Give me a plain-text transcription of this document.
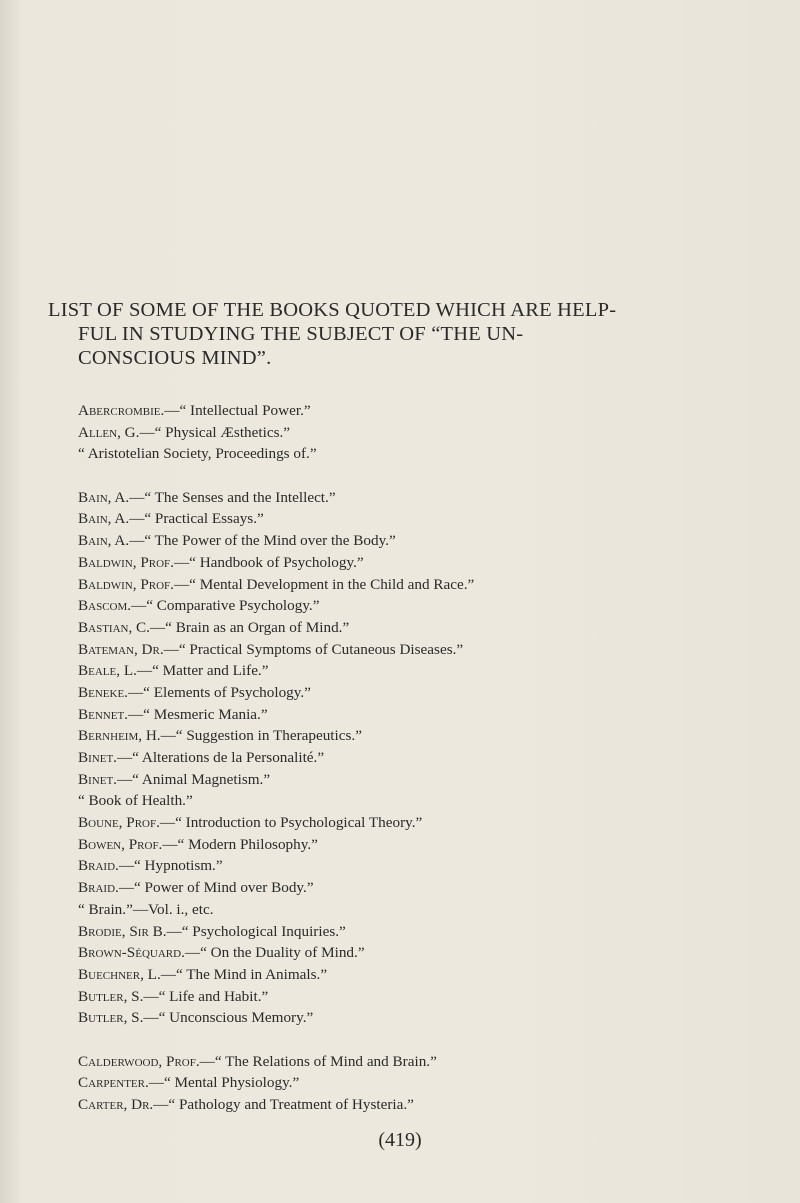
LIST OF SOME OF THE BOOKS QUOTED WHICH ARE HELP-
FUL IN STUDYING THE SUBJECT OF “THE UN-
CONSCIOUS MIND”.
Abercrombie.—“ Intellectual Power.”
Allen, G.—“ Physical Æsthetics.”
“ Aristotelian Society, Proceedings of.”
Bain, A.—“ The Senses and the Intellect.”
Bain, A.—“ Practical Essays.”
Bain, A.—“ The Power of the Mind over the Body.”
Baldwin, Prof.—“ Handbook of Psychology.”
Baldwin, Prof.—“ Mental Development in the Child and Race.”
Bascom.—“ Comparative Psychology.”
Bastian, C.—“ Brain as an Organ of Mind.”
Bateman, Dr.—“ Practical Symptoms of Cutaneous Diseases.”
Beale, L.—“ Matter and Life.”
Beneke.—“ Elements of Psychology.”
Bennet.—“ Mesmeric Mania.”
Bernheim, H.—“ Suggestion in Therapeutics.”
Binet.—“ Alterations de la Personalité.”
Binet.—“ Animal Magnetism.”
“ Book of Health.”
Boune, Prof.—“ Introduction to Psychological Theory.”
Bowen, Prof.—“ Modern Philosophy.”
Braid.—“ Hypnotism.”
Braid.—“ Power of Mind over Body.”
“ Brain.”—Vol. i., etc.
Brodie, Sir B.—“ Psychological Inquiries.”
Brown-Séquard.—“ On the Duality of Mind.”
Buechner, L.—“ The Mind in Animals.”
Butler, S.—“ Life and Habit.”
Butler, S.—“ Unconscious Memory.”
Calderwood, Prof.—“ The Relations of Mind and Brain.”
Carpenter.—“ Mental Physiology.”
Carter, Dr.—“ Pathology and Treatment of Hysteria.”
(419)
